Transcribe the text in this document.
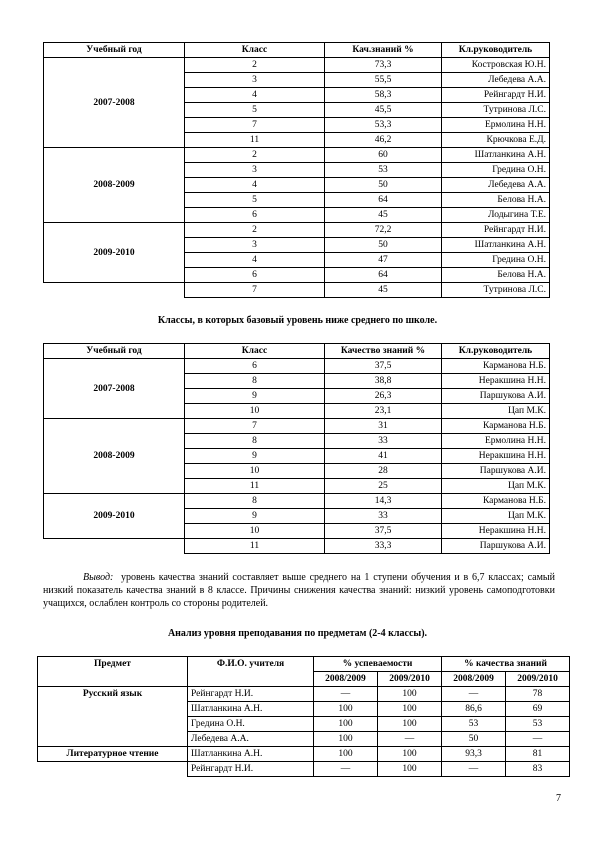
Учебный год	Класс	Кач.знаний %	Кл.руководитель
2007-2008	2	73,3	Костровская Ю.Н.
	3	55,5	Лебедева А.А.
	4	58,3	Рейнгардт Н.И.
	5	45,5	Тутринова Л.С.
	7	53,3	Ермолина Н.Н.
	11	46,2	Крючкова Е.Д.
2008-2009	2	60	Шатланкина А.Н.
	3	53	Гредина О.Н.
	4	50	Лебедева А.А.
	5	64	Белова Н.А.
	6	45	Лодыгина Т.Е.
2009-2010	2	72,2	Рейнгардт Н.И.
	3	50	Шатланкина А.Н.
	4	47	Гредина О.Н.
	6	64	Белова Н.А.
	7	45	Тутринова Л.С.
Классы, в которых базовый уровень ниже среднего по школе.
Учебный год	Класс	Качество знаний %	Кл.руководитель
2007-2008	6	37,5	Карманова Н.Б.
	8	38,8	Неракшина Н.Н.
	9	26,3	Паршукова А.И.
	10	23,1	Цап М.К.
2008-2009	7	31	Карманова Н.Б.
	8	33	Ермолина Н.Н.
	9	41	Неракшина Н.Н.
	10	28	Паршукова А.И.
	11	25	Цап М.К.
2009-2010	8	14,3	Карманова Н.Б.
	9	33	Цап М.К.
	10	37,5	Неракшина Н.Н.
	11	33,3	Паршукова А.И.

Вывод: уровень качества знаний составляет выше среднего на 1 ступени обучения и в 6,7 классах; самый низкий показатель качества знаний в 8 классе. Причины снижения качества знаний: низкий уровень самоподготовки учащихся, ослаблен контроль со стороны родителей.

Анализ уровня преподавания по предметам (2-4 классы).
Предмет	Ф.И.О. учителя	% успеваемости		% качества знаний	
		2008/2009	2009/2010	2008/2009	2009/2010
Русский язык	Рейнгардт Н.И.	—	100	—	78
	Шатланкина А.Н.	100	100	86,6	69
	Гредина О.Н.	100	100	53	53
	Лебедева А.А.	100	—	50	—
Литературное чтение	Шатланкина А.Н.	100	100	93,3	81
	Рейнгардт Н.И.	—	100	—	83
7
